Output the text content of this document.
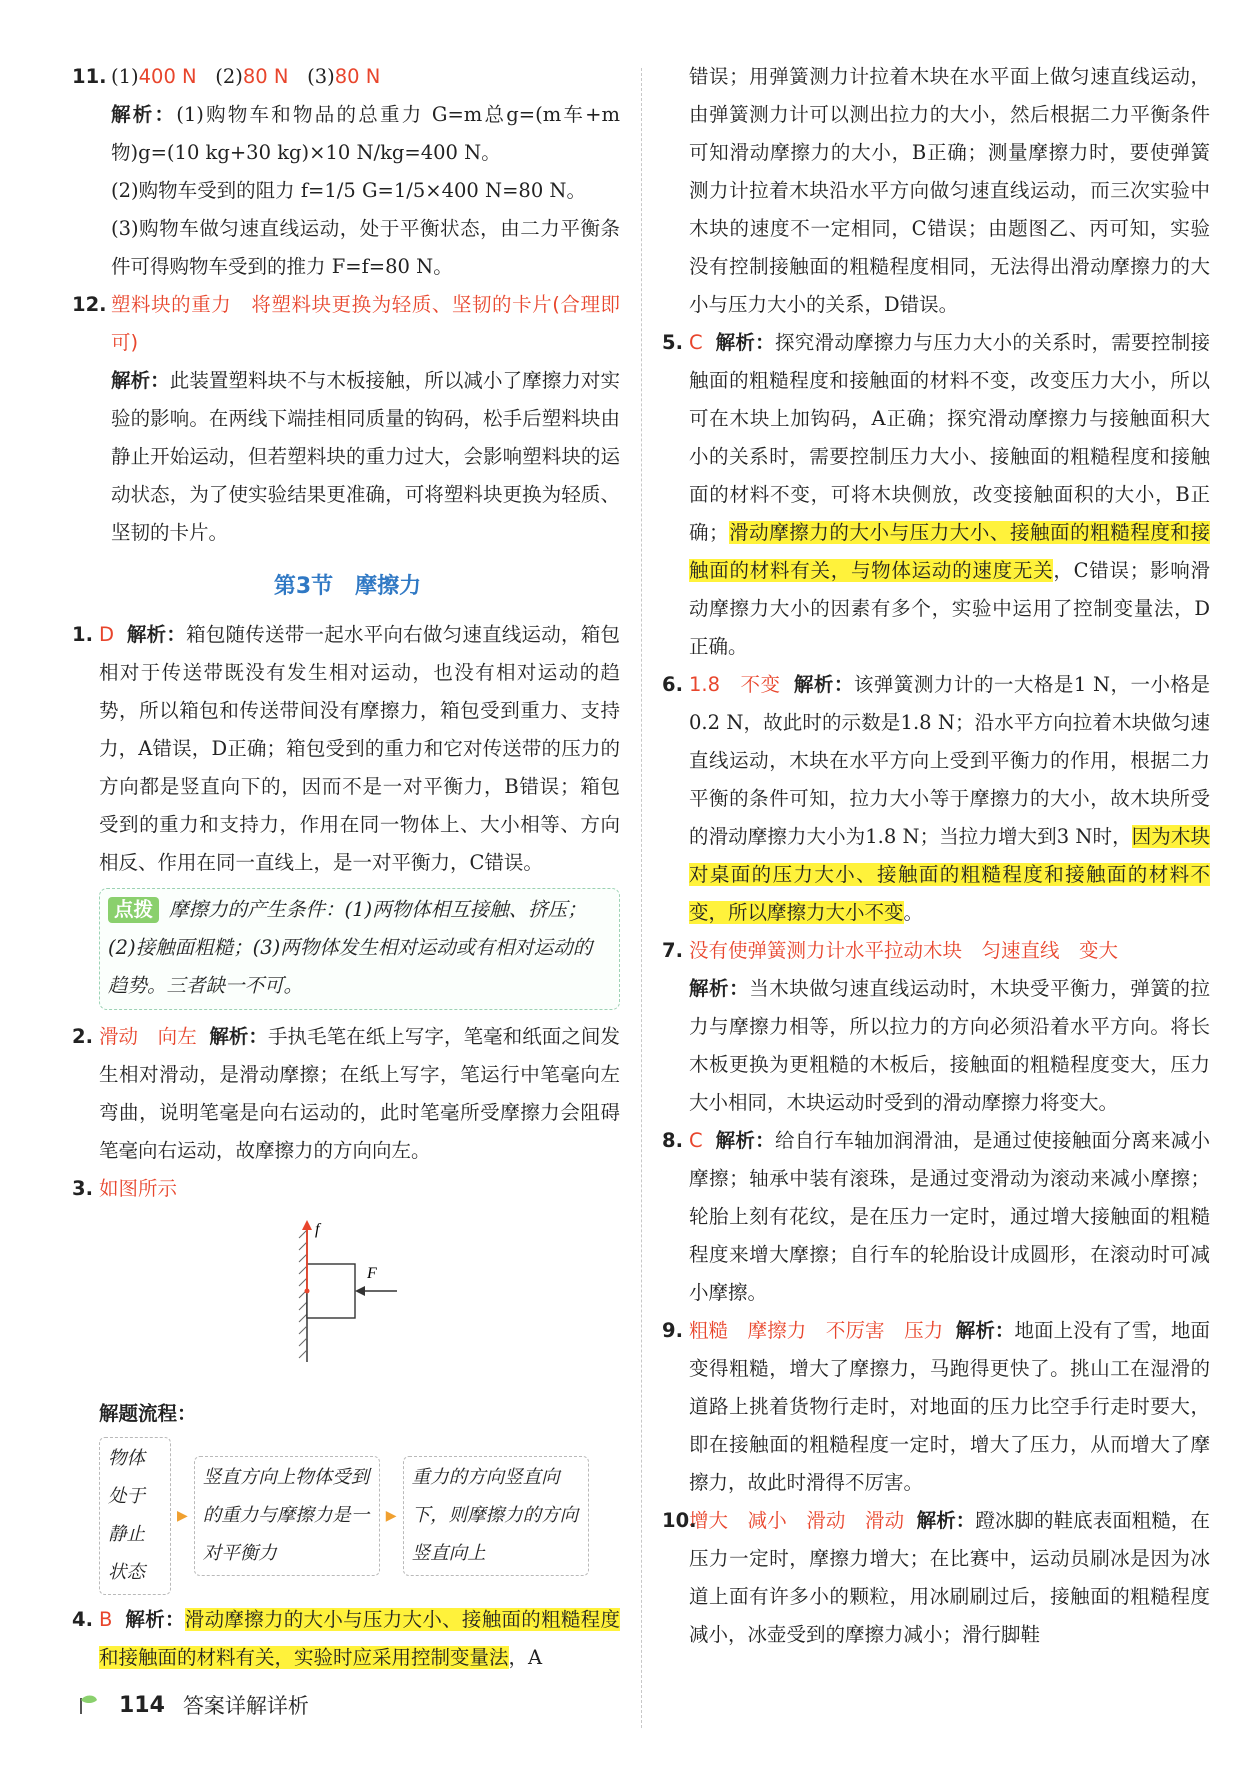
11. (1)400 N (2)80 N (3)80 N

解析：(1)购物车和物品的总重力 G=m总g=(m车+m物)g=(10 kg+30 kg)×10 N/kg=400 N。

(2)购物车受到的阻力 f=1/5 G=1/5×400 N=80 N。

(3)购物车做匀速直线运动，处于平衡状态，由二力平衡条件可得购物车受到的推力 F=f=80 N。

12. 塑料块的重力　将塑料块更换为轻质、坚韧的卡片(合理即可)

解析：此装置塑料块不与木板接触，所以减小了摩擦力对实验的影响。在两线下端挂相同质量的钩码，松手后塑料块由静止开始运动，但若塑料块的重力过大，会影响塑料块的运动状态，为了使实验结果更准确，可将塑料块更换为轻质、坚韧的卡片。

第3节　摩擦力
1. D 解析：箱包随传送带一起水平向右做匀速直线运动，箱包相对于传送带既没有发生相对运动，也没有相对运动的趋势，所以箱包和传送带间没有摩擦力，箱包受到重力、支持力，A错误，D正确；箱包受到的重力和它对传送带的压力的方向都是竖直向下的，因而不是一对平衡力，B错误；箱包受到的重力和支持力，作用在同一物体上、大小相等、方向相反、作用在同一直线上，是一对平衡力，C错误。

点拨 摩擦力的产生条件：(1)两物体相互接触、挤压；(2)接触面粗糙；(3)两物体发生相对运动或有相对运动的趋势。三者缺一不可。
2. 滑动　向左 解析：手执毛笔在纸上写字，笔毫和纸面之间发生相对滑动，是滑动摩擦；在纸上写字，笔运行中笔毫向左弯曲，说明笔毫是向右运动的，此时笔毫所受摩擦力会阻碍笔毫向右运动，故摩擦力的方向向左。

3. 如图所示

f
F
解题流程：
物体处于静止状态
▶
竖直方向上物体受到的重力与摩擦力是一对平衡力
▶
重力的方向竖直向下，则摩擦力的方向竖直向上
4. B 解析：滑动摩擦力的大小与压力大小、接触面的粗糙程度和接触面的材料有关，实验时应采用控制变量法，A

错误；用弹簧测力计拉着木块在水平面上做匀速直线运动，由弹簧测力计可以测出拉力的大小，然后根据二力平衡条件可知滑动摩擦力的大小，B正确；测量摩擦力时，要使弹簧测力计拉着木块沿水平方向做匀速直线运动，而三次实验中木块的速度不一定相同，C错误；由题图乙、丙可知，实验没有控制接触面的粗糙程度相同，无法得出滑动摩擦力的大小与压力大小的关系，D错误。
5. C 解析：探究滑动摩擦力与压力大小的关系时，需要控制接触面的粗糙程度和接触面的材料不变，改变压力大小，所以可在木块上加钩码，A正确；探究滑动摩擦力与接触面积大小的关系时，需要控制压力大小、接触面的粗糙程度和接触面的材料不变，可将木块侧放，改变接触面积的大小，B正确；滑动摩擦力的大小与压力大小、接触面的粗糙程度和接触面的材料有关，与物体运动的速度无关，C错误；影响滑动摩擦力大小的因素有多个，实验中运用了控制变量法，D正确。

6. 1.8　不变 解析：该弹簧测力计的一大格是1 N，一小格是0.2 N，故此时的示数是1.8 N；沿水平方向拉着木块做匀速直线运动，木块在水平方向上受到平衡力的作用，根据二力平衡的条件可知，拉力大小等于摩擦力的大小，故木块所受的滑动摩擦力大小为1.8 N；当拉力增大到3 N时，因为木块对桌面的压力大小、接触面的粗糙程度和接触面的材料不变，所以摩擦力大小不变。

7. 没有使弹簧测力计水平拉动木块　匀速直线　变大

解析：当木块做匀速直线运动时，木块受平衡力，弹簧的拉力与摩擦力相等，所以拉力的方向必须沿着水平方向。将长木板更换为更粗糙的木板后，接触面的粗糙程度变大，压力大小相同，木块运动时受到的滑动摩擦力将变大。

8. C 解析：给自行车轴加润滑油，是通过使接触面分离来减小摩擦；轴承中装有滚珠，是通过变滑动为滚动来减小摩擦；轮胎上刻有花纹，是在压力一定时，通过增大接触面的粗糙程度来增大摩擦；自行车的轮胎设计成圆形，在滚动时可减小摩擦。

9. 粗糙　摩擦力　不厉害　压力 解析：地面上没有了雪，地面变得粗糙，增大了摩擦力，马跑得更快了。挑山工在湿滑的道路上挑着货物行走时，对地面的压力比空手行走时要大，即在接触面的粗糙程度一定时，增大了压力，从而增大了摩擦力，故此时滑得不厉害。

10.

增大　减小　滑动　滑动 解析：蹬冰脚的鞋底表面粗糙，在压力一定时，摩擦力增大；在比赛中，运动员刷冰是因为冰道上面有许多小的颗粒，用冰刷刷过后，接触面的粗糙程度减小，冰壶受到的摩擦力减小；滑行脚鞋

114 答案详解详析
